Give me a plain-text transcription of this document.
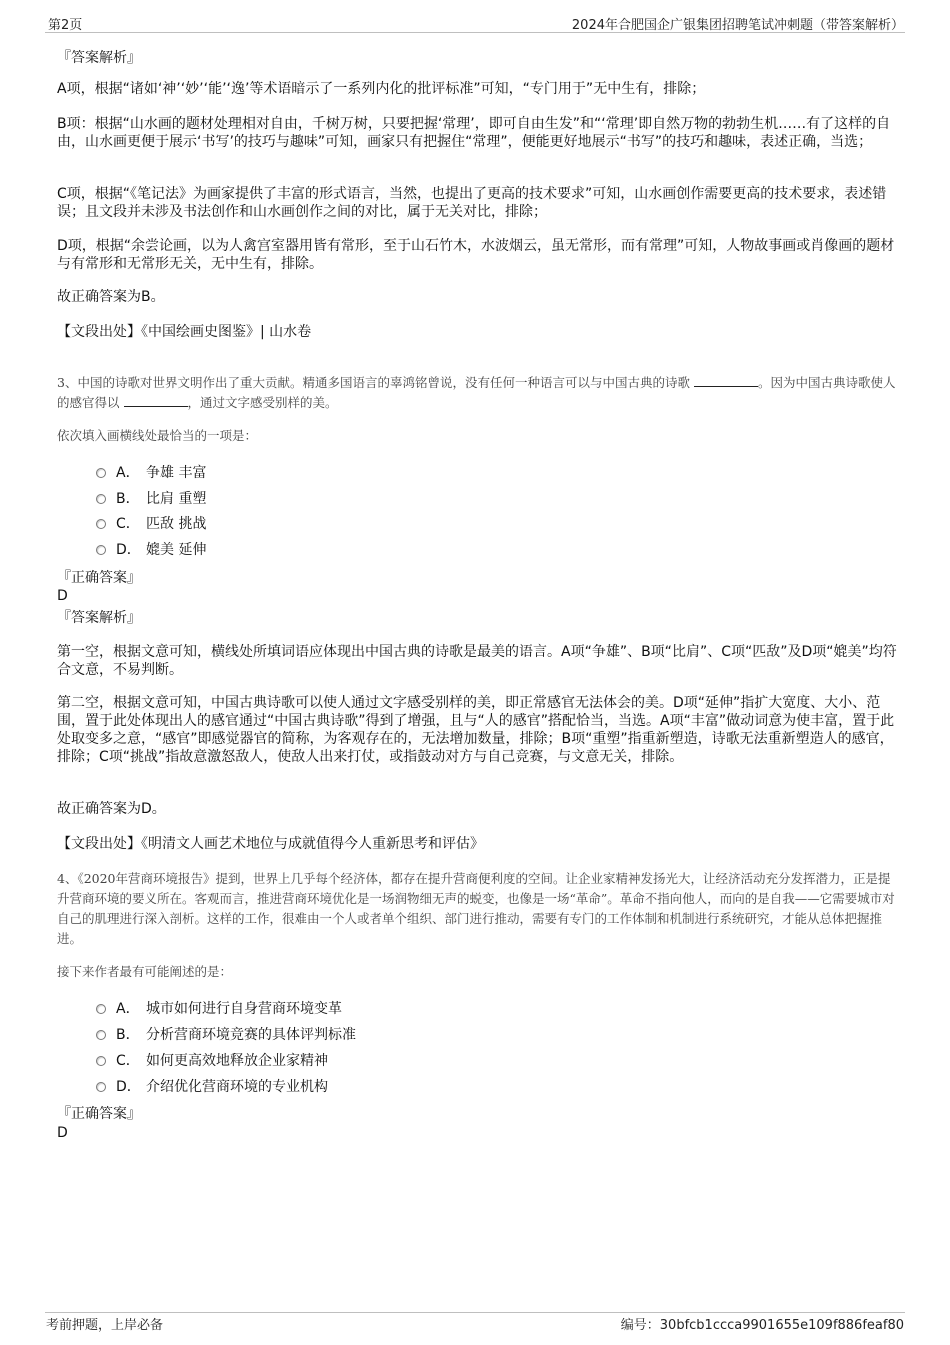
第2页	2024年合肥国企广银集团招聘笔试冲刺题（带答案解析）
『答案解析』

A项，根据“诸如‘神’‘妙’‘能’‘逸’等术语暗示了一系列内化的批评标准”可知，“专门用于”无中生有，排除；

B项：根据“山水画的题材处理相对自由，千树万树，只要把握‘常理’，即可自由生发”和“‘常理’即自然万物的勃勃生机……有了这样的自由，山水画更便于展示‘书写’的技巧与趣味”可知，画家只有把握住“常理”，便能更好地展示“书写”的技巧和趣味，表述正确，当选；

C项，根据“《笔记法》为画家提供了丰富的形式语言，当然，也提出了更高的技术要求”可知，山水画创作需要更高的技术要求，表述错误；且文段并未涉及书法创作和山水画创作之间的对比，属于无关对比，排除；

D项，根据“余尝论画，以为人禽宫室器用皆有常形，至于山石竹木，水波烟云，虽无常形，而有常理”可知，人物故事画或肖像画的题材与有常形和无常形无关，无中生有，排除。

故正确答案为B。

【文段出处】《中国绘画史图鉴》| 山水卷

3、中国的诗歌对世界文明作出了重大贡献。精通多国语言的辜鸿铭曾说，没有任何一种语言可以与中国古典的诗歌	。因为中国古典诗歌使人的感官得以	，通过文字感受别样的美。

依次填入画横线处最恰当的一项是：

A． 争雄 丰富
B． 比肩 重塑
C． 匹敌 挑战
D． 媲美 延伸
『正确答案』
D
『答案解析』

第一空，根据文意可知，横线处所填词语应体现出中国古典的诗歌是最美的语言。A项“争雄”、B项“比肩”、C项“匹敌”及D项“媲美”均符合文意，不易判断。

第二空，根据文意可知，中国古典诗歌可以使人通过文字感受别样的美，即正常感官无法体会的美。D项“延伸”指扩大宽度、大小、范围，置于此处体现出人的感官通过“中国古典诗歌”得到了增强，且与“人的感官”搭配恰当，当选。A项“丰富”做动词意为使丰富，置于此处取变多之意，“感官”即感觉器官的简称，为客观存在的，无法增加数量，排除；B项“重塑”指重新塑造，诗歌无法重新塑造人的感官，排除；C项“挑战”指故意激怒敌人，使敌人出来打仗，或指鼓动对方与自己竞赛，与文意无关，排除。

故正确答案为D。

【文段出处】《明清文人画艺术地位与成就值得今人重新思考和评估》

4、《2020年营商环境报告》提到，世界上几乎每个经济体，都存在提升营商便利度的空间。让企业家精神发扬光大，让经济活动充分发挥潜力，正是提升营商环境的要义所在。客观而言，推进营商环境优化是一场润物细无声的蜕变，也像是一场“革命”。革命不指向他人，而向的是自我——它需要城市对自己的肌理进行深入剖析。这样的工作，很难由一个人或者单个组织、部门进行推动，需要有专门的工作体制和机制进行系统研究，才能从总体把握推进。

接下来作者最有可能阐述的是：

A． 城市如何进行自身营商环境变革
B． 分析营商环境竞赛的具体评判标准
C． 如何更高效地释放企业家精神
D． 介绍优化营商环境的专业机构
『正确答案』
D
考前押题，上岸必备	编号：30bfcb1ccca9901655e109f886feaf80
